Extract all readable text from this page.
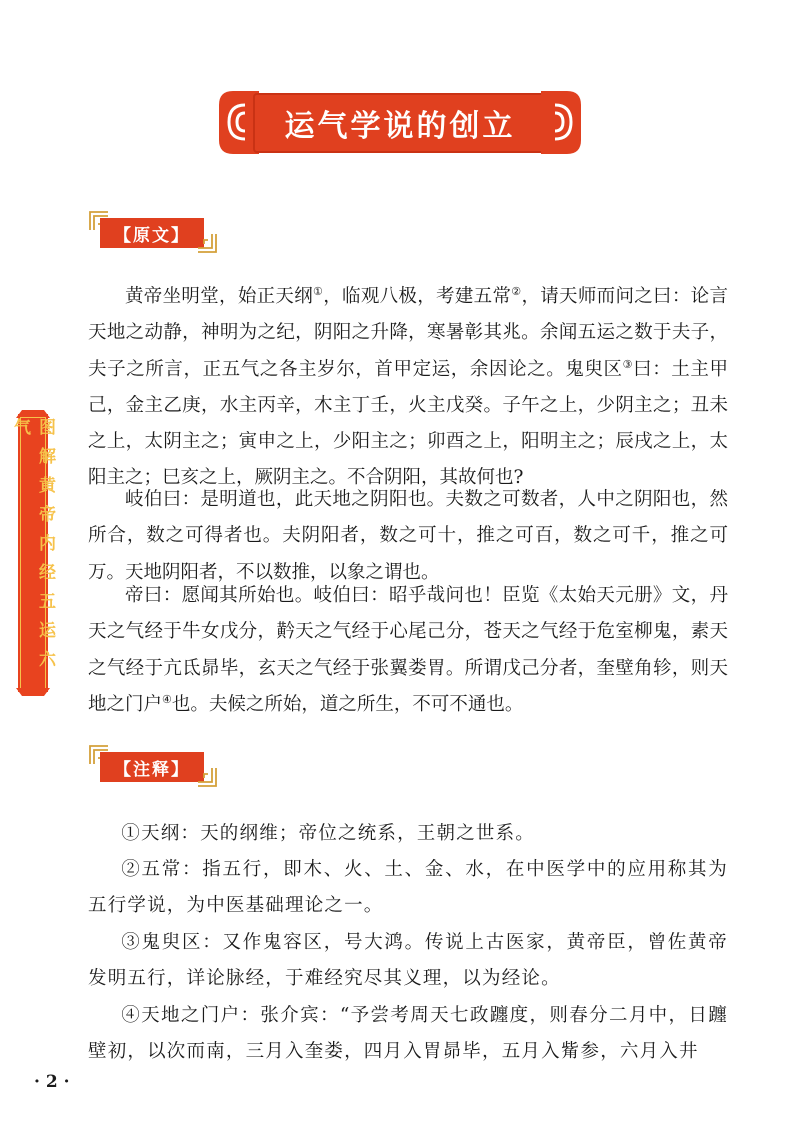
运气学说的创立
【原文】

黄帝坐明堂，始正天纲①，临观八极，考建五常②，请天师而问之曰：论言天地之动静，神明为之纪，阴阳之升降，寒暑彰其兆。余闻五运之数于夫子，夫子之所言，正五气之各主岁尔，首甲定运，余因论之。鬼臾区③曰：土主甲己，金主乙庚，水主丙辛，木主丁壬，火主戊癸。子午之上，少阴主之；丑未之上，太阴主之；寅申之上，少阳主之；卯酉之上，阳明主之；辰戌之上，太阳主之；巳亥之上，厥阴主之。不合阴阳，其故何也?

岐伯曰：是明道也，此天地之阴阳也。夫数之可数者，人中之阴阳也，然所合，数之可得者也。夫阴阳者，数之可十，推之可百，数之可千，推之可万。天地阴阳者，不以数推，以象之谓也。

帝曰：愿闻其所始也。岐伯曰：昭乎哉问也！臣览《太始天元册》文，丹天之气经于牛女戊分，黅天之气经于心尾己分，苍天之气经于危室柳鬼，素天之气经于亢氐昴毕，玄天之气经于张翼娄胃。所谓戊己分者，奎壁角轸，则天地之门户④也。夫候之所始，道之所生，不可不通也。

【注释】

①天纲：天的纲维；帝位之统系，王朝之世系。

②五常：指五行，即木、火、土、金、水，在中医学中的应用称其为五行学说，为中医基础理论之一。

③鬼臾区：又作鬼容区，号大鸿。传说上古医家，黄帝臣，曾佐黄帝发明五行，详论脉经，于难经究尽其义理，以为经论。

④天地之门户：张介宾：“予尝考周天七政躔度，则春分二月中，日躔壁初，以次而南，三月入奎娄，四月入胃昴毕，五月入觜参，六月入井

图解黄帝内经五运六气
· 2 ·
